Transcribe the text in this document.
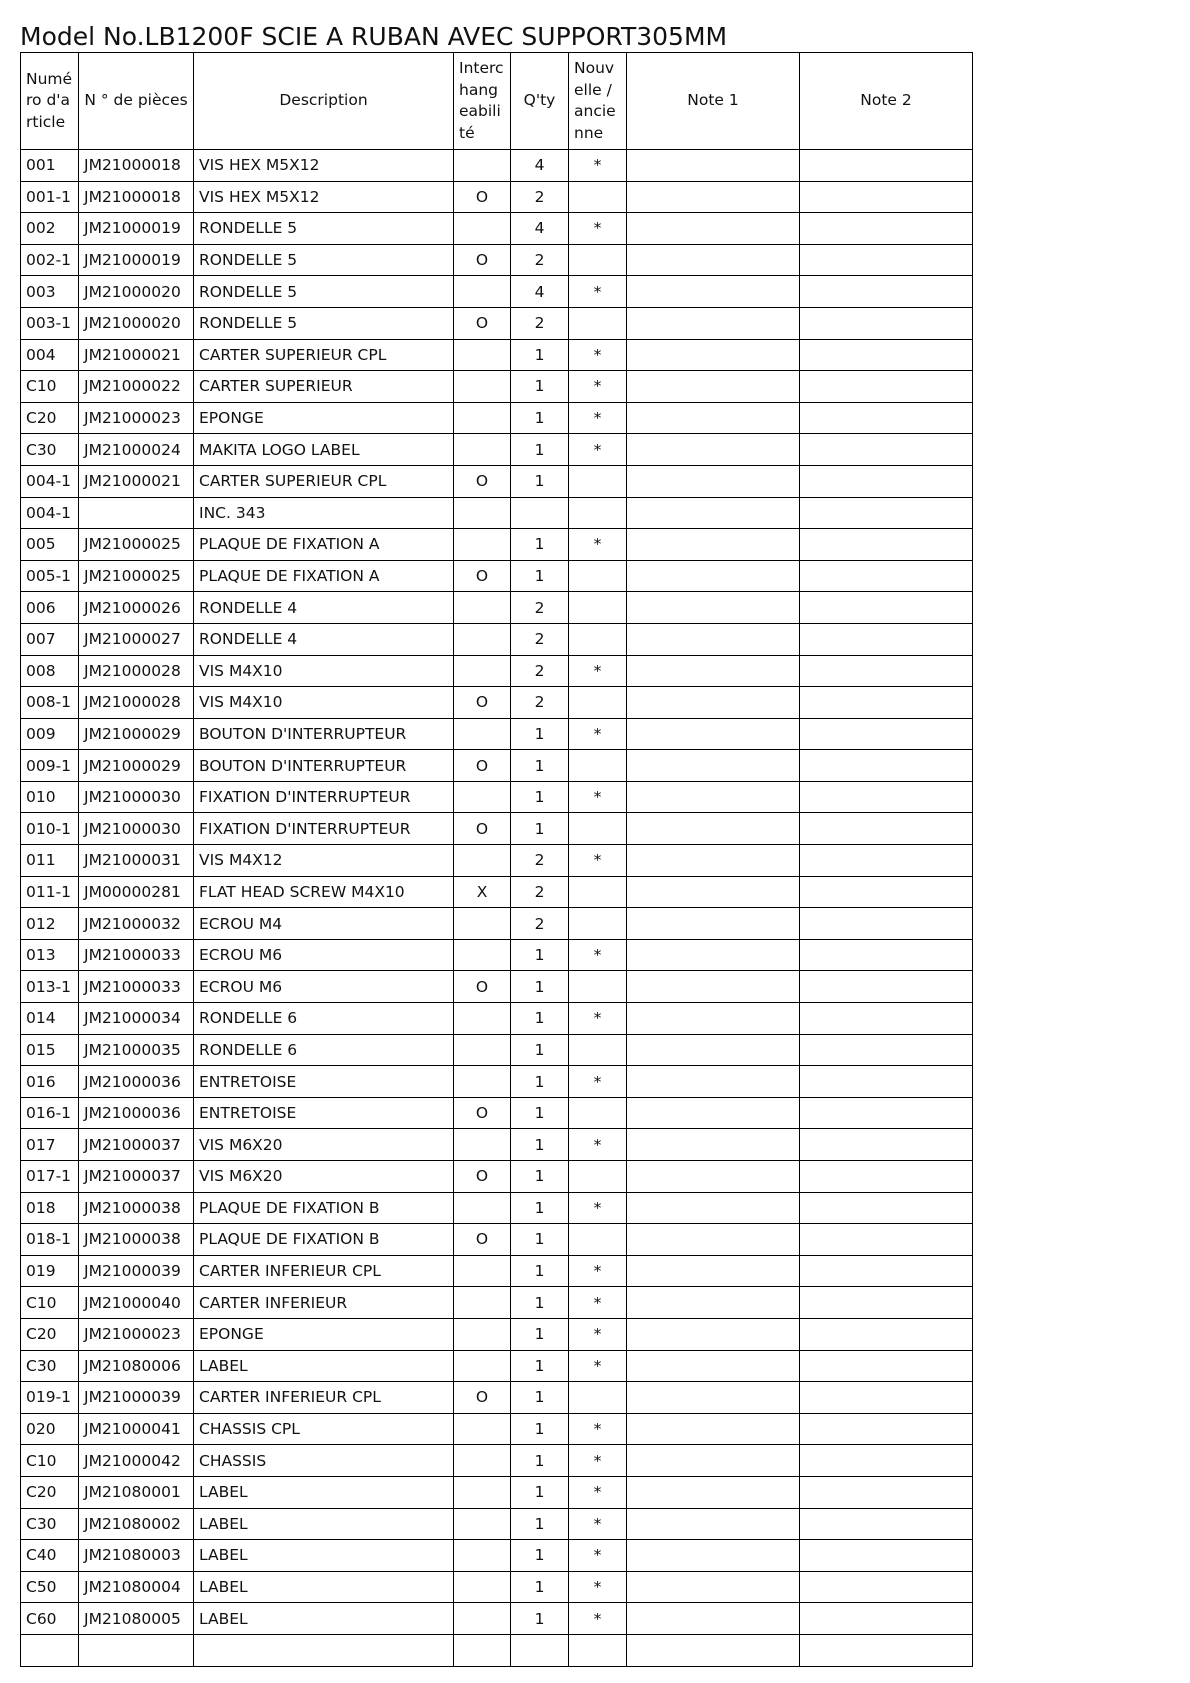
Model No.LB1200F SCIE A RUBAN AVEC SUPPORT305MM
Numéro d'article	N ° de pièces	Description	Interchangeabilité	Q'ty	Nouvelle / ancienne	Note 1	Note 2
001	JM21000018	VIS HEX M5X12		4	*		
001-1	JM21000018	VIS HEX M5X12	O	2			
002	JM21000019	RONDELLE 5		4	*		
002-1	JM21000019	RONDELLE 5	O	2			
003	JM21000020	RONDELLE 5		4	*		
003-1	JM21000020	RONDELLE 5	O	2			
004	JM21000021	CARTER SUPERIEUR CPL		1	*		
C10	JM21000022	CARTER SUPERIEUR		1	*		
C20	JM21000023	EPONGE		1	*		
C30	JM21000024	MAKITA LOGO LABEL		1	*		
004-1	JM21000021	CARTER SUPERIEUR CPL	O	1			
004-1		INC. 343					
005	JM21000025	PLAQUE DE FIXATION A		1	*		
005-1	JM21000025	PLAQUE DE FIXATION A	O	1			
006	JM21000026	RONDELLE 4		2			
007	JM21000027	RONDELLE 4		2			
008	JM21000028	VIS M4X10		2	*		
008-1	JM21000028	VIS M4X10	O	2			
009	JM21000029	BOUTON D'INTERRUPTEUR		1	*		
009-1	JM21000029	BOUTON D'INTERRUPTEUR	O	1			
010	JM21000030	FIXATION D'INTERRUPTEUR		1	*		
010-1	JM21000030	FIXATION D'INTERRUPTEUR	O	1			
011	JM21000031	VIS M4X12		2	*		
011-1	JM00000281	FLAT HEAD SCREW M4X10	X	2			
012	JM21000032	ECROU M4		2			
013	JM21000033	ECROU M6		1	*		
013-1	JM21000033	ECROU M6	O	1			
014	JM21000034	RONDELLE 6		1	*		
015	JM21000035	RONDELLE 6		1			
016	JM21000036	ENTRETOISE		1	*		
016-1	JM21000036	ENTRETOISE	O	1			
017	JM21000037	VIS M6X20		1	*		
017-1	JM21000037	VIS M6X20	O	1			
018	JM21000038	PLAQUE DE FIXATION B		1	*		
018-1	JM21000038	PLAQUE DE FIXATION B	O	1			
019	JM21000039	CARTER INFERIEUR CPL		1	*		
C10	JM21000040	CARTER INFERIEUR		1	*		
C20	JM21000023	EPONGE		1	*		
C30	JM21080006	LABEL		1	*		
019-1	JM21000039	CARTER INFERIEUR CPL	O	1			
020	JM21000041	CHASSIS CPL		1	*		
C10	JM21000042	CHASSIS		1	*		
C20	JM21080001	LABEL		1	*		
C30	JM21080002	LABEL		1	*		
C40	JM21080003	LABEL		1	*		
C50	JM21080004	LABEL		1	*		
C60	JM21080005	LABEL		1	*		
